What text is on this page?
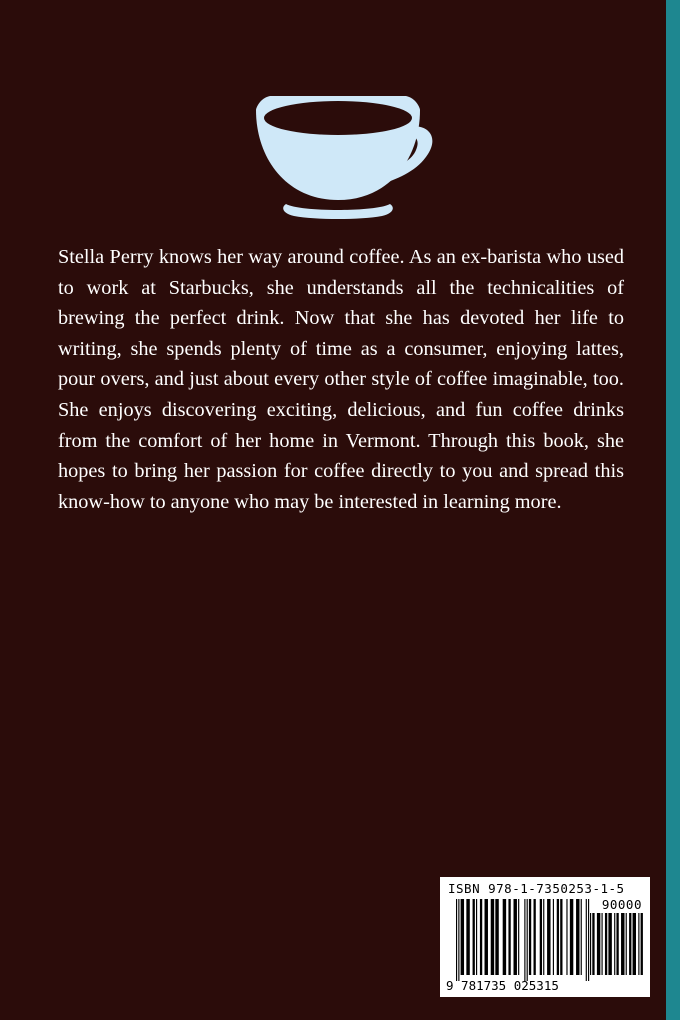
Stella Perry knows her way around coffee. As an ex-barista who used to work at Starbucks, she understands all the technicalities of brewing the perfect drink. Now that she has devoted her life to writing, she spends plenty of time as a consumer, enjoying lattes, pour overs, and just about every other style of coffee imaginable, too. She enjoys discovering exciting, delicious, and fun coffee drinks from the comfort of her home in Vermont. Through this book, she hopes to bring her passion for coffee directly to you and spread this know-how to anyone who may be interested in learning more.

ISBN 978-1-7350253-1-5
90000
9 781735 025315
